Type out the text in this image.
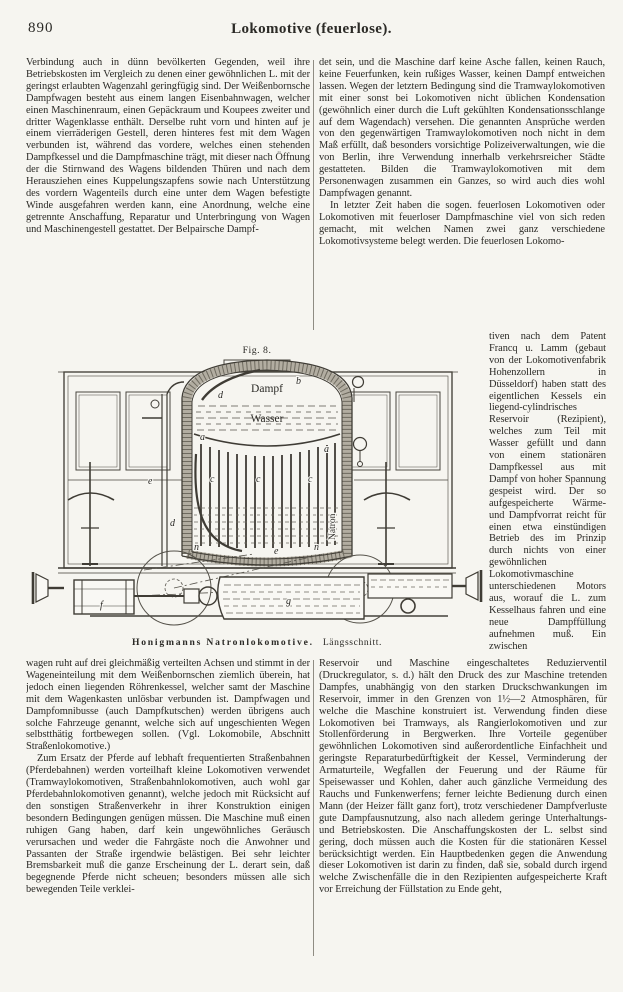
890	Lokomotive (feuerlose).

Verbindung auch in dünn bevölkerten Gegenden, weil ihre Betriebskosten im Vergleich zu denen einer gewöhnlichen L. mit der geringst erlaubten Wagenzahl geringfügig sind. Der Weißenbornsche Dampfwagen besteht aus einem langen Eisenbahnwagen, welcher einen Maschinenraum, einen Gepäckraum und Koupees zweiter und dritter Wagenklasse enthält. Derselbe ruht vorn und hinten auf je einem vierräderigen Gestell, deren hinteres fest mit dem Wagen verbunden ist, während das vordere, welches einen stehenden Dampfkessel und die Dampfmaschine trägt, mit dieser nach Öffnung der die Stirnwand des Wagens bildenden Thüren und nach dem Herausziehen eines Kuppelungszapfens sowie nach Unterstützung des vordern Wagenteils durch eine unter dem Wagen befestigte Winde ausgefahren werden kann, eine Anordnung, welche eine getrennte Anschaffung, Reparatur und Unterbringung von Wagen und Maschinengestell gestattet. Der Belpairsche Dampf-

det sein, und die Maschine darf keine Asche fallen, keinen Rauch, keine Feuerfunken, kein rußiges Wasser, keinen Dampf entweichen lassen. Wegen der letztern Bedingung sind die Tramwaylokomotiven mit einer sonst bei Lokomotiven nicht üblichen Kondensation (gewöhnlich einer durch die Luft gekühlten Kondensationsschlange auf dem Wagendach) versehen. Die genannten Ansprüche werden von den gegenwärtigen Tramwaylokomotiven noch nicht in dem Maß erfüllt, daß besonders vorsichtige Polizeiverwaltungen, wie die von Berlin, ihre Verwendung innerhalb verkehrsreicher Städte gestatteten. Bilden die Tramwaylokomotiven mit dem Personenwagen zusammen ein Ganzes, so wird auch dies wohl Dampfwagen genannt.

In letzter Zeit haben die sogen. feuerlosen Lokomotiven oder Lokomotiven mit feuerloser Dampfmaschine viel von sich reden gemacht, mit welchen Namen zwei ganz verschiedene Lokomotivsysteme belegt werden. Die feuerlosen Lokomo-

Fig. 8.

tiven nach dem Patent Francq u. Lamm (gebaut von der Lokomotivenfabrik Hohenzollern in Düsseldorf) haben statt des eigentlichen Kessels ein liegend-cylindrisches Reservoir (Rezipient), welches zum Teil mit Wasser gefüllt und dann von einem stationären Dampfkessel aus mit Dampf von hoher Spannung gespeist wird. Der so aufgespeicherte Wärme- und Dampfvorrat reicht für einen etwa einstündigen Betrieb des im Prinzip durch nichts von einer gewöhnlichen Lokomotivmaschine unterschiedenen Motors aus, worauf die L. zum Kesselhaus fahren und eine neue Dampffüllung aufnehmen muß. Ein zwischen

Dampf
Wasser
Natron
a
a
b
c	c	c
d
d
e
e
f	g
n	n
Honigmanns Natronlokomotive. Längsschnitt.

wagen ruht auf drei gleichmäßig verteilten Achsen und stimmt in der Wageneinteilung mit dem Weißenbornschen ziemlich überein, hat jedoch einen liegenden Röhrenkessel, welcher samt der Maschine mit dem Wagenkasten unlösbar verbunden ist. Dampfwagen und Dampfomnibusse (auch Dampfkutschen) werden übrigens auch solche Fahrzeuge genannt, welche sich auf ungeschienten Wegen selbstthätig fortbewegen sollen. (Vgl. Lokomobile, Abschnitt Straßenlokomotive.)

Zum Ersatz der Pferde auf lebhaft frequentierten Straßenbahnen (Pferdebahnen) werden vorteilhaft kleine Lokomotiven verwendet (Tramwaylokomotiven, Straßenbahnlokomotiven, auch wohl gar Pferdebahnlokomotiven genannt), welche jedoch mit Rücksicht auf den sonstigen Straßenverkehr in ihrer Konstruktion einigen besondern Bedingungen genügen müssen. Die Maschine muß einen ruhigen Gang haben, darf kein ungewöhnliches Geräusch verursachen und weder die Fahrgäste noch die Anwohner und Passanten der Straße irgendwie belästigen. Bei sehr leichter Bremsbarkeit muß die ganze Erscheinung der L. derart sein, daß begegnende Pferde nicht scheuen; besonders müssen alle sich bewegenden Teile verklei-

Reservoir und Maschine eingeschaltetes Reduzierventil (Druckregulator, s. d.) hält den Druck des zur Maschine tretenden Dampfes, unabhängig von den starken Druckschwankungen im Reservoir, immer in den Grenzen von 1½—2 Atmosphären, für welche die Maschine konstruiert ist. Verwendung finden diese Lokomotiven bei Tramways, als Rangierlokomotiven und zur Stollenförderung in Bergwerken. Ihre Vorteile gegenüber gewöhnlichen Lokomotiven sind außerordentliche Einfachheit und geringste Reparaturbedürftigkeit der Kessel, Verminderung der Armaturteile, Wegfallen der Feuerung und der Räume für Speisewasser und Kohlen, daher auch gänzliche Vermeidung des Rauchs und Funkenwerfens; ferner leichte Bedienung durch einen Mann (der Heizer fällt ganz fort), trotz verschiedener Dampfverluste gute Dampfausnutzung, also nach alledem geringe Unterhaltungs- und Betriebskosten. Die Anschaffungskosten der L. selbst sind gering, doch müssen auch die Kosten für die stationären Kessel berücksichtigt werden. Ein Hauptbedenken gegen die Anwendung dieser Lokomotiven ist darin zu finden, daß sie, sobald durch irgend welche Zwischenfälle die in den Rezipienten aufgespeicherte Kraft vor Erreichung der Füllstation zu Ende geht,
